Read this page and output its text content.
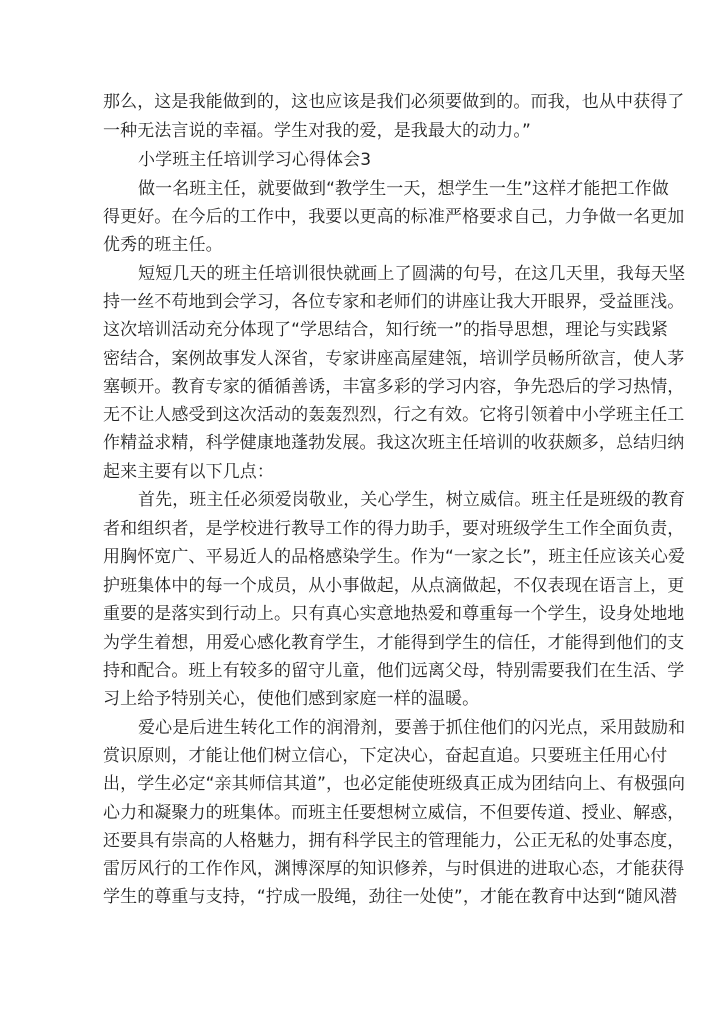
那么，这是我能做到的，这也应该是我们必须要做到的。而我，也从中获得了
一种无法言说的幸福。学生对我的爱，是我最大的动力。”
小学班主任培训学习心得体会3
做一名班主任，就要做到“教学生一天，想学生一生”这样才能把工作做
得更好。在今后的工作中，我要以更高的标准严格要求自己，力争做一名更加
优秀的班主任。
短短几天的班主任培训很快就画上了圆满的句号，在这几天里，我每天坚
持一丝不苟地到会学习，各位专家和老师们的讲座让我大开眼界，受益匪浅。
这次培训活动充分体现了“学思结合，知行统一”的指导思想，理论与实践紧
密结合，案例故事发人深省，专家讲座高屋建瓴，培训学员畅所欲言，使人茅
塞顿开。教育专家的循循善诱，丰富多彩的学习内容，争先恐后的学习热情，
无不让人感受到这次活动的轰轰烈烈，行之有效。它将引领着中小学班主任工
作精益求精，科学健康地蓬勃发展。我这次班主任培训的收获颇多，总结归纳
起来主要有以下几点：
首先，班主任必须爱岗敬业，关心学生，树立威信。班主任是班级的教育
者和组织者，是学校进行教导工作的得力助手，要对班级学生工作全面负责，
用胸怀宽广、平易近人的品格感染学生。作为“一家之长”，班主任应该关心爱
护班集体中的每一个成员，从小事做起，从点滴做起，不仅表现在语言上，更
重要的是落实到行动上。只有真心实意地热爱和尊重每一个学生，设身处地地
为学生着想，用爱心感化教育学生，才能得到学生的信任，才能得到他们的支
持和配合。班上有较多的留守儿童，他们远离父母，特别需要我们在生活、学
习上给予特别关心，使他们感到家庭一样的温暖。
爱心是后进生转化工作的润滑剂，要善于抓住他们的闪光点，采用鼓励和
赏识原则，才能让他们树立信心，下定决心，奋起直追。只要班主任用心付
出，学生必定“亲其师信其道”，也必定能使班级真正成为团结向上、有极强向
心力和凝聚力的班集体。而班主任要想树立威信，不但要传道、授业、解惑，
还要具有崇高的人格魅力，拥有科学民主的管理能力，公正无私的处事态度，
雷厉风行的工作作风，渊博深厚的知识修养，与时俱进的进取心态，才能获得
学生的尊重与支持，“拧成一股绳，劲往一处使”，才能在教育中达到“随风潜
